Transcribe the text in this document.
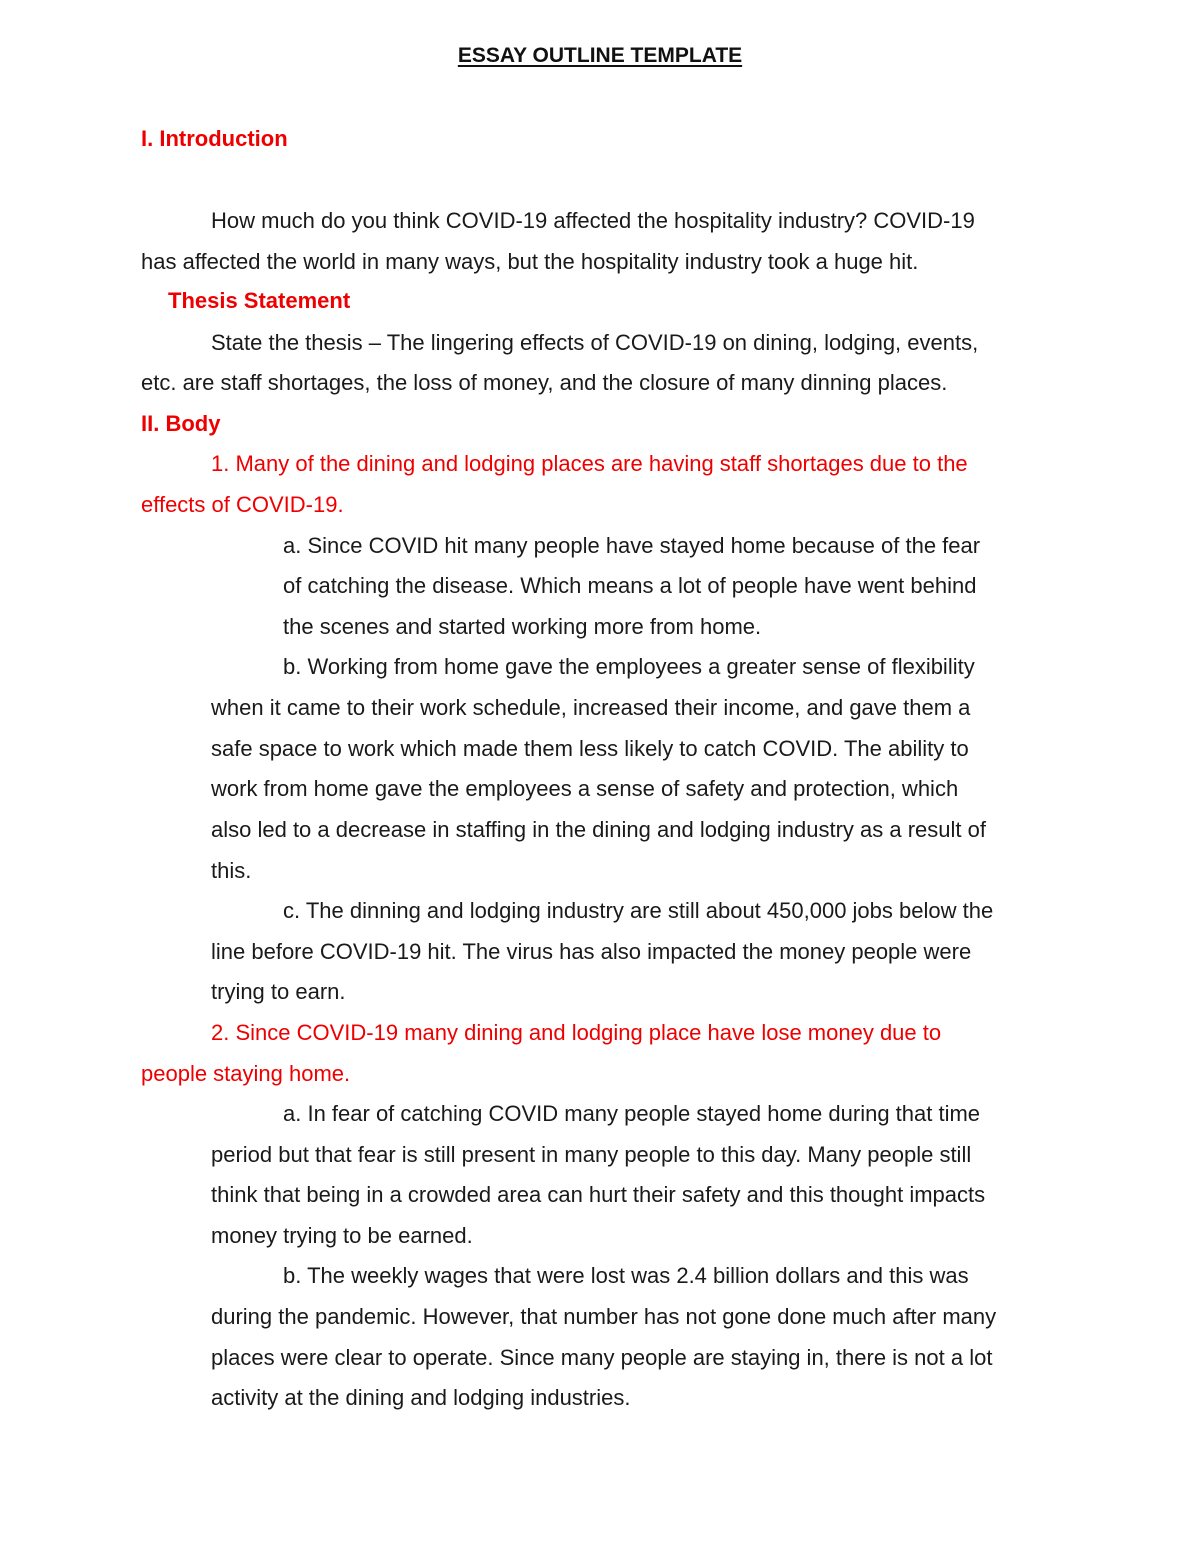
ESSAY OUTLINE TEMPLATE
I. Introduction
How much do you think COVID-19 affected the hospitality industry? COVID-19
has affected the world in many ways, but the hospitality industry took a huge hit.
Thesis Statement
State the thesis – The lingering effects of COVID-19 on dining, lodging, events,
etc. are staff shortages, the loss of money, and the closure of many dinning places.
II. Body
1. Many of the dining and lodging places are having staff shortages due to the
effects of COVID-19.
a. Since COVID hit many people have stayed home because of the fear
of catching the disease. Which means a lot of people have went behind
the scenes and started working more from home.
b. Working from home gave the employees a greater sense of flexibility
when it came to their work schedule, increased their income, and gave them a
safe space to work which made them less likely to catch COVID. The ability to
work from home gave the employees a sense of safety and protection, which
also led to a decrease in staffing in the dining and lodging industry as a result of
this.
c. The dinning and lodging industry are still about 450,000 jobs below the
line before COVID-19 hit. The virus has also impacted the money people were
trying to earn.
2. Since COVID-19 many dining and lodging place have lose money due to
people staying home.
a. In fear of catching COVID many people stayed home during that time
period but that fear is still present in many people to this day. Many people still
think that being in a crowded area can hurt their safety and this thought impacts
money trying to be earned.
b. The weekly wages that were lost was 2.4 billion dollars and this was
during the pandemic. However, that number has not gone done much after many
places were clear to operate. Since many people are staying in, there is not a lot
activity at the dining and lodging industries.
